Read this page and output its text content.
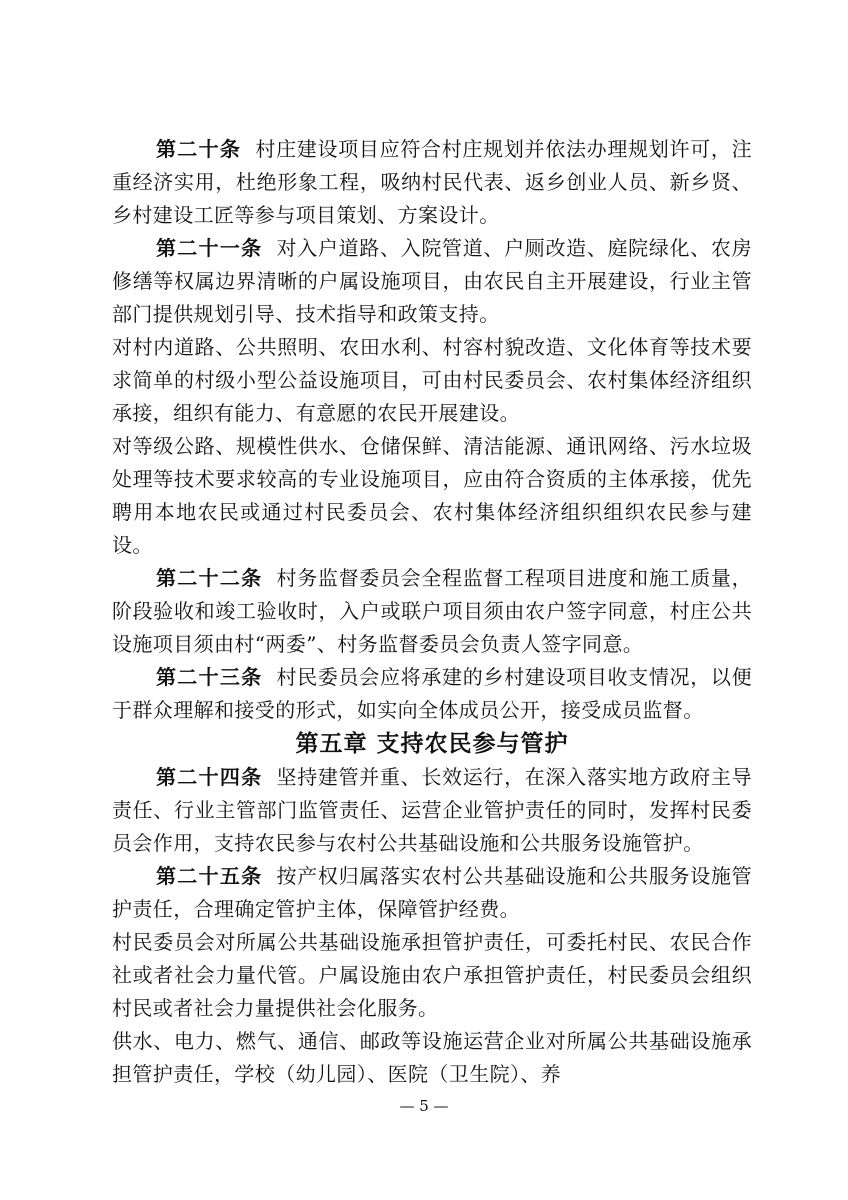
第二十条 村庄建设项目应符合村庄规划并依法办理规划许可，注重经济实用，杜绝形象工程，吸纳村民代表、返乡创业人员、新乡贤、乡村建设工匠等参与项目策划、方案设计。

第二十一条 对入户道路、入院管道、户厕改造、庭院绿化、农房修缮等权属边界清晰的户属设施项目，由农民自主开展建设，行业主管部门提供规划引导、技术指导和政策支持。

对村内道路、公共照明、农田水利、村容村貌改造、文化体育等技术要求简单的村级小型公益设施项目，可由村民委员会、农村集体经济组织承接，组织有能力、有意愿的农民开展建设。

对等级公路、规模性供水、仓储保鲜、清洁能源、通讯网络、污水垃圾处理等技术要求较高的专业设施项目，应由符合资质的主体承接，优先聘用本地农民或通过村民委员会、农村集体经济组织组织农民参与建设。

第二十二条 村务监督委员会全程监督工程项目进度和施工质量，阶段验收和竣工验收时，入户或联户项目须由农户签字同意，村庄公共设施项目须由村“两委”、村务监督委员会负责人签字同意。

第二十三条 村民委员会应将承建的乡村建设项目收支情况，以便于群众理解和接受的形式，如实向全体成员公开，接受成员监督。

第五章 支持农民参与管护

第二十四条 坚持建管并重、长效运行，在深入落实地方政府主导责任、行业主管部门监管责任、运营企业管护责任的同时，发挥村民委员会作用，支持农民参与农村公共基础设施和公共服务设施管护。

第二十五条 按产权归属落实农村公共基础设施和公共服务设施管护责任，合理确定管护主体，保障管护经费。

村民委员会对所属公共基础设施承担管护责任，可委托村民、农民合作社或者社会力量代管。户属设施由农户承担管护责任，村民委员会组织村民或者社会力量提供社会化服务。

供水、电力、燃气、通信、邮政等设施运营企业对所属公共基础设施承担管护责任，学校（幼儿园）、医院（卫生院）、养

— 5 —
